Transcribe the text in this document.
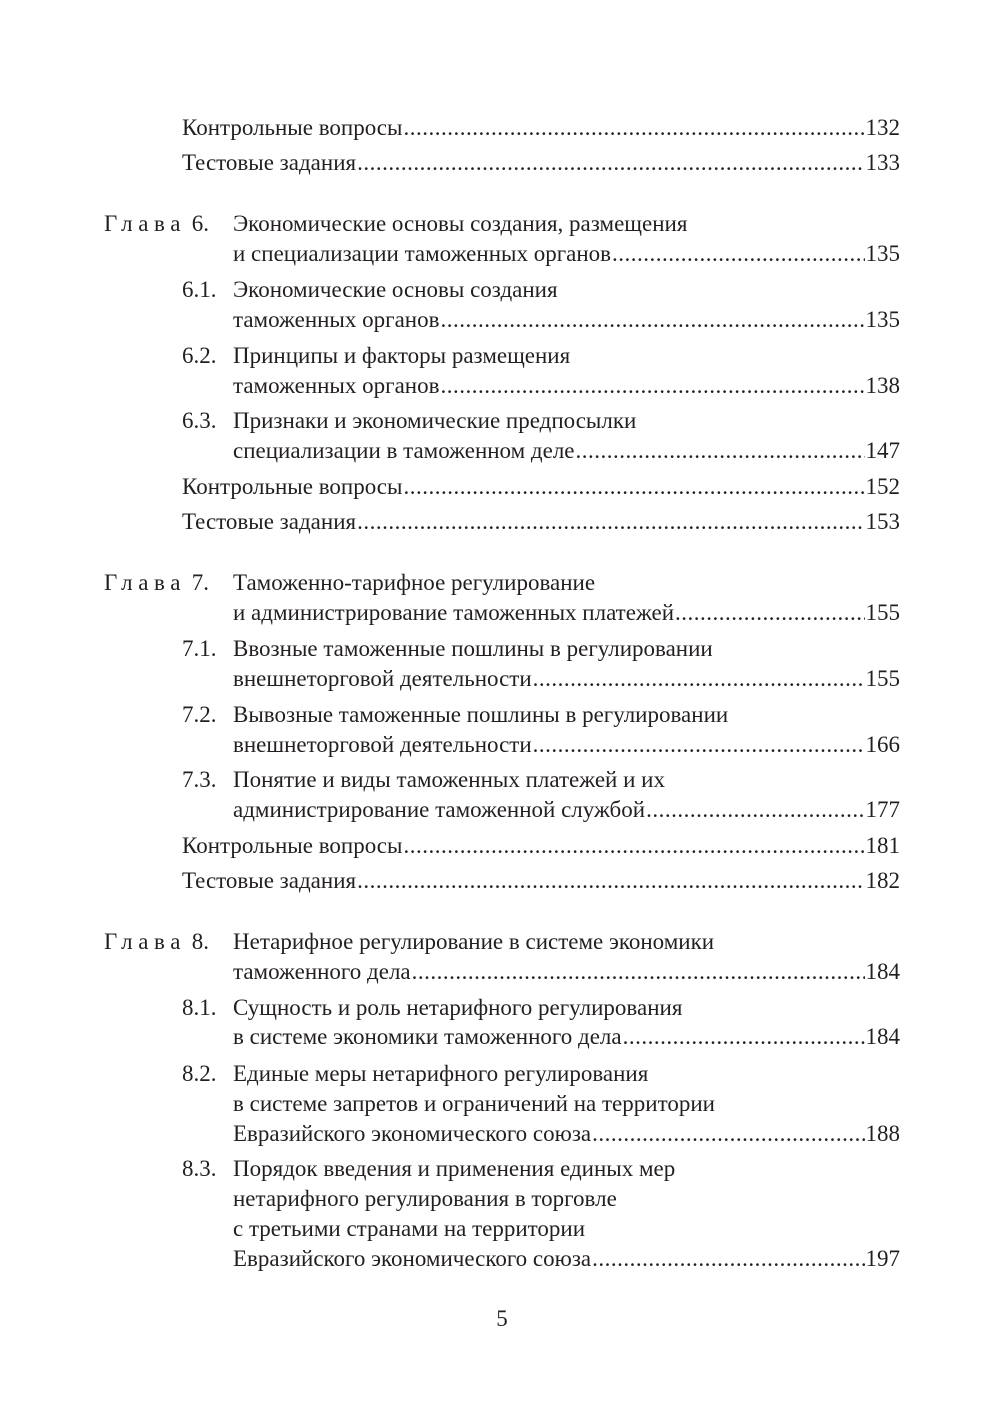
Контрольные вопросы .....	132
Тестовые задания .....	133
Глава 6. Экономические основы создания, размещения
и специализации таможенных органов .....	135
6.1. Экономические основы создания
таможенных органов .....	135
6.2. Принципы и факторы размещения
таможенных органов .....	138
6.3. Признаки и экономические предпосылки
специализации в таможенном деле .....	147
Контрольные вопросы .....	152
Тестовые задания .....	153
Глава 7. Таможенно-тарифное регулирование
и администрирование таможенных платежей .....	155
7.1. Ввозные таможенные пошлины в регулировании
внешнеторговой деятельности .....	155
7.2. Вывозные таможенные пошлины в регулировании
внешнеторговой деятельности .....	166
7.3. Понятие и виды таможенных платежей и их
администрирование таможенной службой .....	177
Контрольные вопросы .....	181
Тестовые задания .....	182
Глава 8. Нетарифное регулирование в системе экономики
таможенного дела .....	184
8.1. Сущность и роль нетарифного регулирования
в системе экономики таможенного дела .....	184
8.2. Единые меры нетарифного регулирования
в системе запретов и ограничений на территории
Евразийского экономического союза .....	188
8.3. Порядок введения и применения единых мер
нетарифного регулирования в торговле
с третьими странами на территории
Евразийского экономического союза .....	197
5
